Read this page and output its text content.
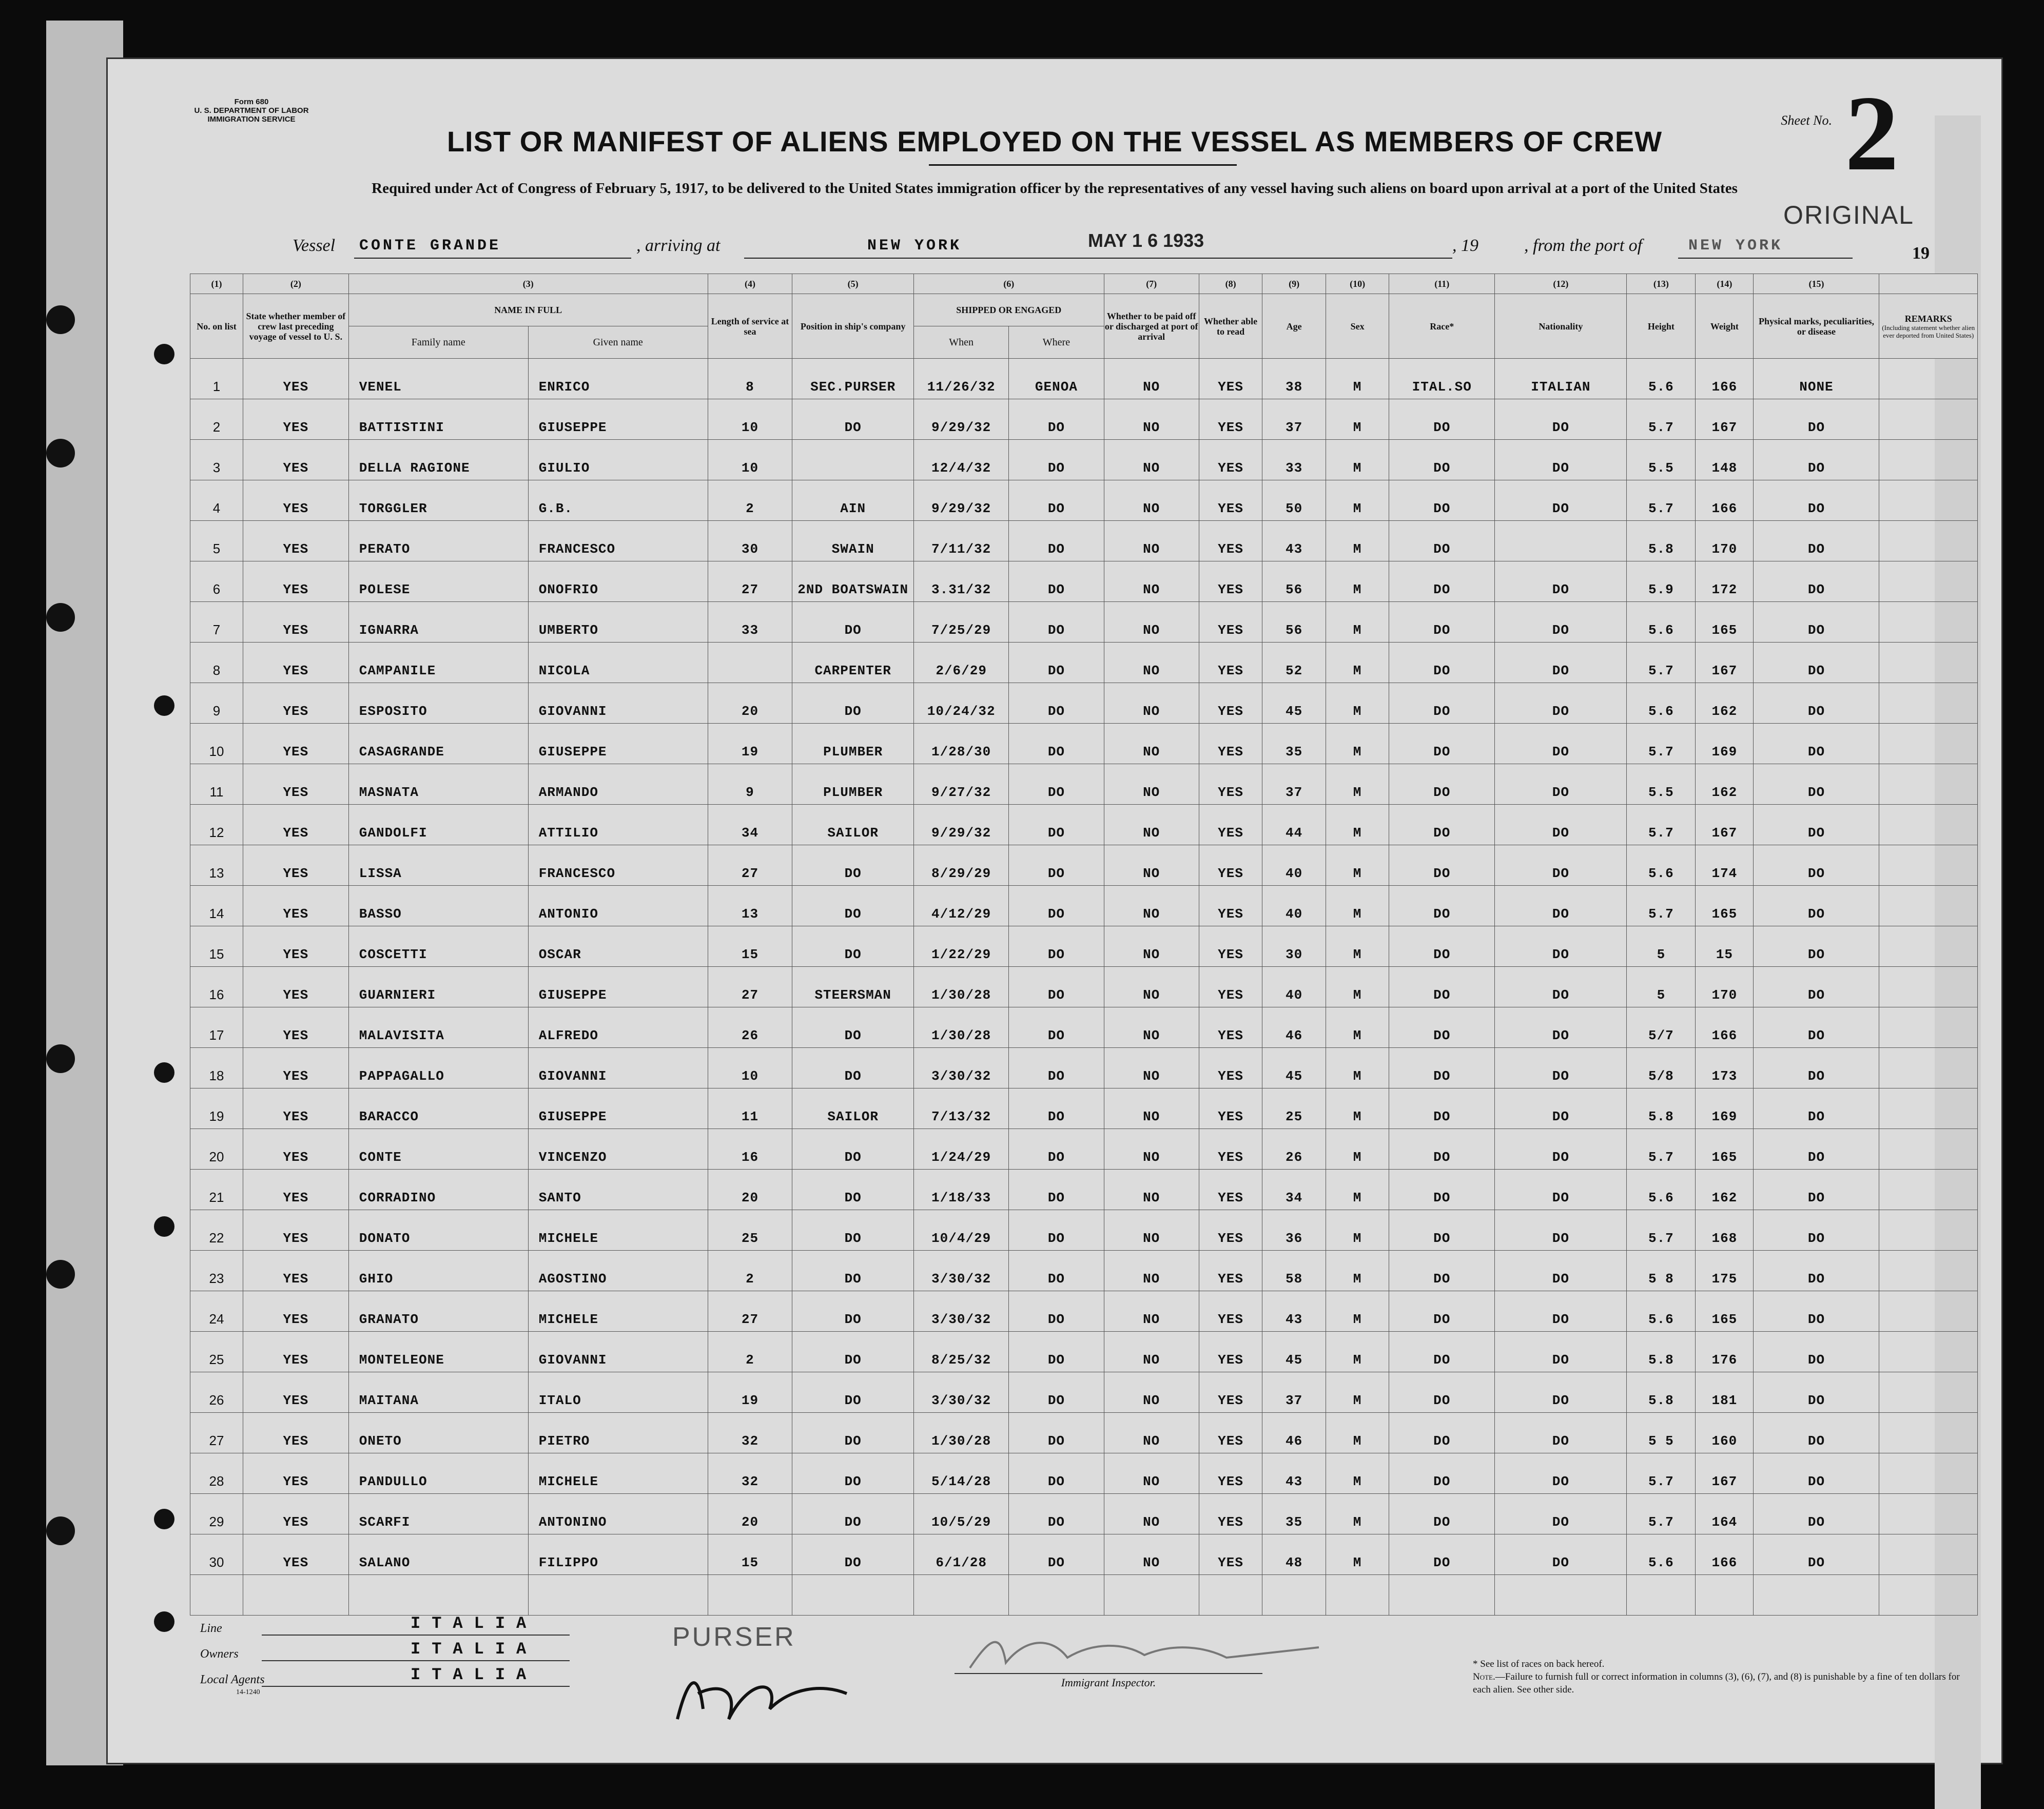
Form 680
U. S. DEPARTMENT OF LABOR
IMMIGRATION SERVICE	Sheet No. 2
ORIGINAL
LIST OR MANIFEST OF ALIENS EMPLOYED ON THE VESSEL AS MEMBERS OF CREW
Required under Act of Congress of February 5, 1917, to be delivered to the United States immigration officer by the representatives of any vessel having such aliens on board upon arrival at a port of the United States
Vessel CONTE GRANDE	, arriving at	NEW YORK	MAY 1 6 1933	, 19	, from the port of	NEW YORK	19
(1)	(2)	(3)		(4)	(5)	(6)		(7)	(8)	(9)	(10)	(11)	(12)	(13)	(14)	(15)	
No. on list	State whether member of crew last preceding voyage of vessel to U. S.	NAME IN FULL		Length of service at sea	Position in ship's company	SHIPPED OR ENGAGED		Whether to be paid off or discharged at port of arrival	Whether able to read	Age	Sex	Race*	Nationality	Height	Weight	Physical marks, peculiarities, or disease	REMARKS
(Including statement whether alien ever deported from United States)

		Family name	Given name			When	Where										
1	YES	VENEL	ENRICO	8	SEC.PURSER	11/26/32	GENOA	NO	YES	38	M	ITAL.SO	ITALIAN	5.6	166	NONE	
2	YES	BATTISTINI	GIUSEPPE	10	DO	9/29/32	DO	NO	YES	37	M	DO	DO	5.7	167	DO	
3	YES	DELLA RAGIONE	GIULIO	10		12/4/32	DO	NO	YES	33	M	DO	DO	5.5	148	DO	
4	YES	TORGGLER	G.B.	2	AIN	9/29/32	DO	NO	YES	50	M	DO	DO	5.7	166	DO	
5	YES	PERATO	FRANCESCO	30	SWAIN	7/11/32	DO	NO	YES	43	M	DO		5.8	170	DO	
6	YES	POLESE	ONOFRIO	27	2ND BOATSWAIN	3.31/32	DO	NO	YES	56	M	DO	DO	5.9	172	DO	
7	YES	IGNARRA	UMBERTO	33	DO	7/25/29	DO	NO	YES	56	M	DO	DO	5.6	165	DO	
8	YES	CAMPANILE	NICOLA		CARPENTER	2/6/29	DO	NO	YES	52	M	DO	DO	5.7	167	DO	
9	YES	ESPOSITO	GIOVANNI	20	DO	10/24/32	DO	NO	YES	45	M	DO	DO	5.6	162	DO	
10	YES	CASAGRANDE	GIUSEPPE	19	PLUMBER	1/28/30	DO	NO	YES	35	M	DO	DO	5.7	169	DO	
11	YES	MASNATA	ARMANDO	9	PLUMBER	9/27/32	DO	NO	YES	37	M	DO	DO	5.5	162	DO	
12	YES	GANDOLFI	ATTILIO	34	SAILOR	9/29/32	DO	NO	YES	44	M	DO	DO	5.7	167	DO	
13	YES	LISSA	FRANCESCO	27	DO	8/29/29	DO	NO	YES	40	M	DO	DO	5.6	174	DO	
14	YES	BASSO	ANTONIO	13	DO	4/12/29	DO	NO	YES	40	M	DO	DO	5.7	165	DO	
15	YES	COSCETTI	OSCAR	15	DO	1/22/29	DO	NO	YES	30	M	DO	DO	5	15	DO	
16	YES	GUARNIERI	GIUSEPPE	27	STEERSMAN	1/30/28	DO	NO	YES	40	M	DO	DO	5	170	DO	
17	YES	MALAVISITA	ALFREDO	26	DO	1/30/28	DO	NO	YES	46	M	DO	DO	5/7	166	DO	
18	YES	PAPPAGALLO	GIOVANNI	10	DO	3/30/32	DO	NO	YES	45	M	DO	DO	5/8	173	DO	
19	YES	BARACCO	GIUSEPPE	11	SAILOR	7/13/32	DO	NO	YES	25	M	DO	DO	5.8	169	DO	
20	YES	CONTE	VINCENZO	16	DO	1/24/29	DO	NO	YES	26	M	DO	DO	5.7	165	DO	
21	YES	CORRADINO	SANTO	20	DO	1/18/33	DO	NO	YES	34	M	DO	DO	5.6	162	DO	
22	YES	DONATO	MICHELE	25	DO	10/4/29	DO	NO	YES	36	M	DO	DO	5.7	168	DO	
23	YES	GHIO	AGOSTINO	2	DO	3/30/32	DO	NO	YES	58	M	DO	DO	5 8	175	DO	
24	YES	GRANATO	MICHELE	27	DO	3/30/32	DO	NO	YES	43	M	DO	DO	5.6	165	DO	
25	YES	MONTELEONE	GIOVANNI	2	DO	8/25/32	DO	NO	YES	45	M	DO	DO	5.8	176	DO	
26	YES	MAITANA	ITALO	19	DO	3/30/32	DO	NO	YES	37	M	DO	DO	5.8	181	DO	
27	YES	ONETO	PIETRO	32	DO	1/30/28	DO	NO	YES	46	M	DO	DO	5 5	160	DO	
28	YES	PANDULLO	MICHELE	32	DO	5/14/28	DO	NO	YES	43	M	DO	DO	5.7	167	DO	
29	YES	SCARFI	ANTONINO	20	DO	10/5/29	DO	NO	YES	35	M	DO	DO	5.7	164	DO	
30	YES	SALANO	FILIPPO	15	DO	6/1/28	DO	NO	YES	48	M	DO	DO	5.6	166	DO	

Line	ITALIA
Owners	ITALIA
Local Agents	ITALIA
14-1240
PURSER
Immigrant Inspector.
* See list of races on back hereof.
Note.—Failure to furnish full or correct information in columns (3), (6), (7), and (8) is punishable by a fine of ten dollars for each alien. See other side.
